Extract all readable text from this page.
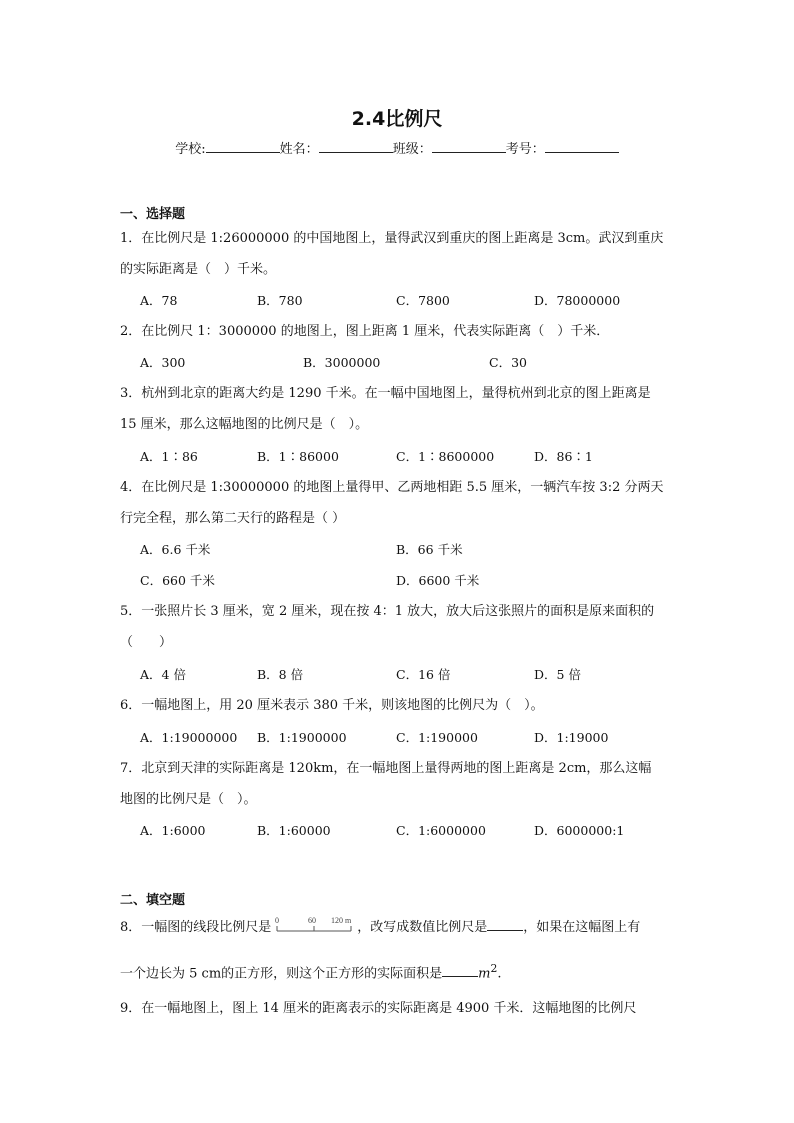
2.4比例尺
学校:	姓名：	班级：	考号：
一、选择题
1．在比例尺是 1:26000000 的中国地图上，量得武汉到重庆的图上距离是 3cm。武汉到重庆
的实际距离是（　）千米。
A．78	B．780	C．7800	D．78000000
2．在比例尺 1：3000000 的地图上，图上距离 1 厘米，代表实际距离（　）千米．
A．300	B．3000000	C．30
3．杭州到北京的距离大约是 1290 千米。在一幅中国地图上，量得杭州到北京的图上距离是
15 厘米，那么这幅地图的比例尺是（　）。
A．1∶86	B．1∶86000	C．1∶8600000	D．86∶1
4．在比例尺是 1:30000000 的地图上量得甲、乙两地相距 5.5 厘米，一辆汽车按 3:2 分两天
行完全程，那么第二天行的路程是（ ）
A．6.6 千米	B．66 千米
C．660 千米	D．6600 千米
5．一张照片长 3 厘米，宽 2 厘米，现在按 4：1 放大，放大后这张照片的面积是原来面积的
（　　）
A．4 倍	B．8 倍	C．16 倍	D．5 倍
6．一幅地图上，用 20 厘米表示 380 千米，则该地图的比例尺为（　）。
A．1:19000000 B．1:1900000	C．1:190000	D．1:19000
7．北京到天津的实际距离是 120km，在一幅地图上量得两地的图上距离是 2cm，那么这幅
地图的比例尺是（　）。
A．1:6000	B．1:60000	C．1:6000000	D．6000000:1
二、填空题
8．一幅图的线段比例尺是 0	60 120 m ，改写成数值比例尺是	，如果在这幅图上有
一个边长为 5 cm的正方形，则这个正方形的实际面积是	$m^2$.
9．在一幅地图上，图上 14 厘米的距离表示的实际距离是 4900 千米．这幅地图的比例尺
